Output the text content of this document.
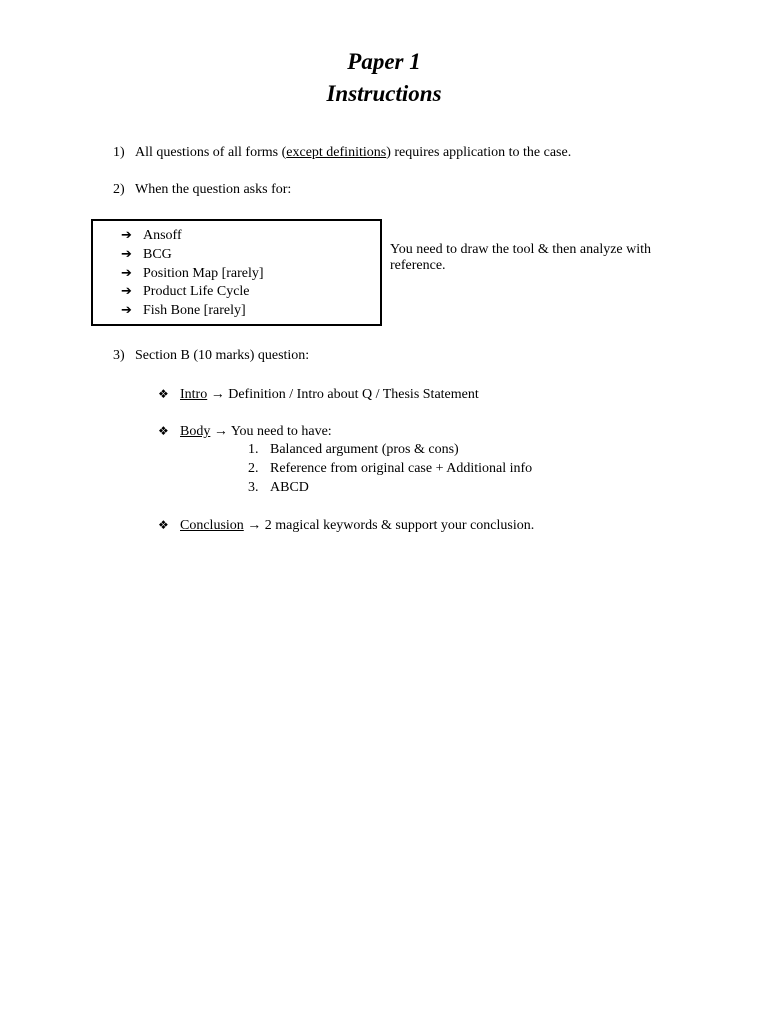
Paper 1
Instructions
1) All questions of all forms (except definitions) requires application to the case.
2) When the question asks for:
➔ Ansoff
➔ BCG
➔ Position Map [rarely]
➔ Product Life Cycle
➔ Fish Bone [rarely]
You need to draw the tool & then analyze with reference.
3) Section B (10 marks) question:
❖ Intro → Definition / Intro about Q / Thesis Statement
❖ Body → You need to have:
1. Balanced argument (pros & cons)
2. Reference from original case + Additional info
3. ABCD
❖ Conclusion → 2 magical keywords & support your conclusion.
